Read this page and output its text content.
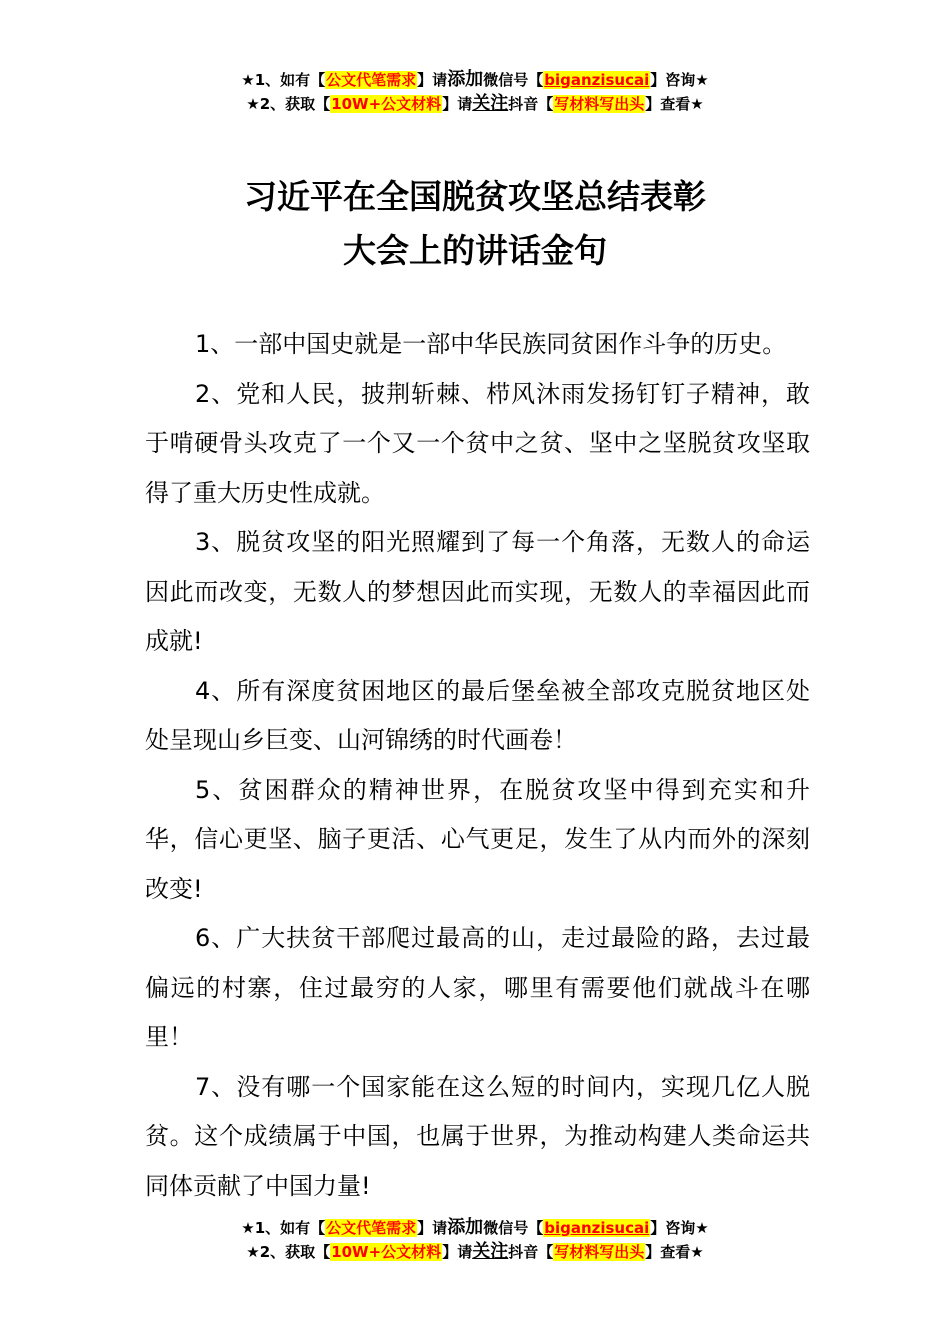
★1、如有【公文代笔需求】请添加微信号【biganzisucai】咨询★
★2、获取【10W+公文材料】请关注抖音【写材料写出头】查看★
习近平在全国脱贫攻坚总结表彰
大会上的讲话金句

1、一部中国史就是一部中华民族同贫困作斗争的历史。

2、党和人民，披荆斩棘、栉风沐雨发扬钉钉子精神，敢于啃硬骨头攻克了一个又一个贫中之贫、坚中之坚脱贫攻坚取得了重大历史性成就。

3、脱贫攻坚的阳光照耀到了每一个角落，无数人的命运因此而改变，无数人的梦想因此而实现，无数人的幸福因此而成就!

4、所有深度贫困地区的最后堡垒被全部攻克脱贫地区处处呈现山乡巨变、山河锦绣的时代画卷！

5、贫困群众的精神世界，在脱贫攻坚中得到充实和升华，信心更坚、脑子更活、心气更足，发生了从内而外的深刻改变!

6、广大扶贫干部爬过最高的山，走过最险的路，去过最偏远的村寨，住过最穷的人家，哪里有需要他们就战斗在哪里！

7、没有哪一个国家能在这么短的时间内，实现几亿人脱贫。这个成绩属于中国，也属于世界，为推动构建人类命运共同体贡献了中国力量!

★1、如有【公文代笔需求】请添加微信号【biganzisucai】咨询★
★2、获取【10W+公文材料】请关注抖音【写材料写出头】查看★
